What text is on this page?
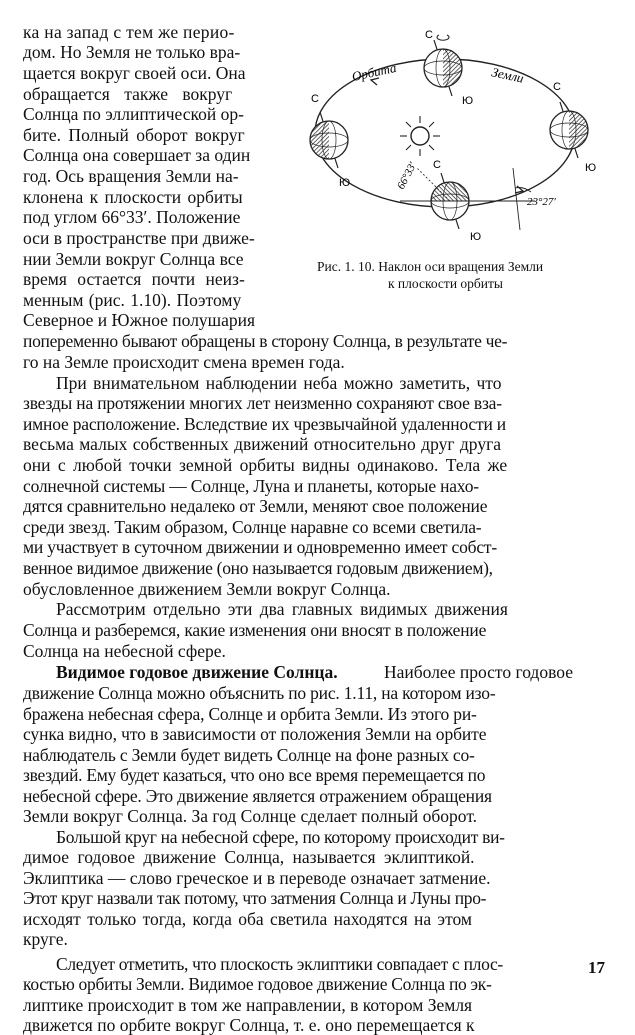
ка на запад с тем же перио-
дом. Но Земля не только вра-
щается вокруг своей оси. Она
обращается также вокруг
Солнца по эллиптической ор-
бите. Полный оборот вокруг
Солнца она совершает за один
год. Ось вращения Земли на-
клонена к плоскости орбиты
под углом 66°33′. Положение
оси в пространстве при движе-
нии Земли вокруг Солнца все
время остается почти неиз-
менным (рис. 1.10). Поэтому
Северное и Южное полушария
попеременно бывают обращены в сторону Солнца, в результате че-
го на Земле происходит смена времен года.
При внимательном наблюдении неба можно заметить, что
звезды на протяжении многих лет неизменно сохраняют свое вза-
имное расположение. Вследствие их чрезвычайной удаленности и
весьма малых собственных движений относительно друг друга
они с любой точки земной орбиты видны одинаково. Тела же
солнечной системы — Солнце, Луна и планеты, которые нахо-
дятся сравнительно недалеко от Земли, меняют свое положение
среди звезд. Таким образом, Солнце наравне со всеми светила-
ми участвует в суточном движении и одновременно имеет собст-
венное видимое движение (оно называется годовым движением),
обусловленное движением Земли вокруг Солнца.
Рассмотрим отдельно эти два главных видимых движения
Солнца и разберемся, какие изменения они вносят в положение
Солнца на небесной сфере.
Видимое годовое движение Солнца.	Наиболее просто годовое
движение Солнца можно объяснить по рис. 1.11, на котором изо-
бражена небесная сфера, Солнце и орбита Земли. Из этого ри-
сунка видно, что в зависимости от положения Земли на орбите
наблюдатель с Земли будет видеть Солнце на фоне разных со-
звездий. Ему будет казаться, что оно все время перемещается по
небесной сфере. Это движение является отражением обращения
Земли вокруг Солнца. За год Солнце сделает полный оборот.
Большой круг на небесной сфере, по которому происходит ви-
димое годовое движение Солнца, называется эклиптикой.
Эклиптика — слово греческое и в переводе означает затмение.
Этот круг назвали так потому, что затмения Солнца и Луны про-
исходят только тогда, когда оба светила находятся на этом
круге.
Следует отметить, что плоскость эклиптики совпадает с плос-
костью орбиты Земли. Видимое годовое движение Солнца по эк-
липтике происходит в том же направлении, в котором Земля
движется по орбите вокруг Солнца, т. е. оно перемещается к
Орбита	Земли
С
Ю
С
Ю
С
Ю
С
Ю
66°33′
23°27′
Рис. 1. 10. Наклон оси вращения Земли
к плоскости орбиты
17
